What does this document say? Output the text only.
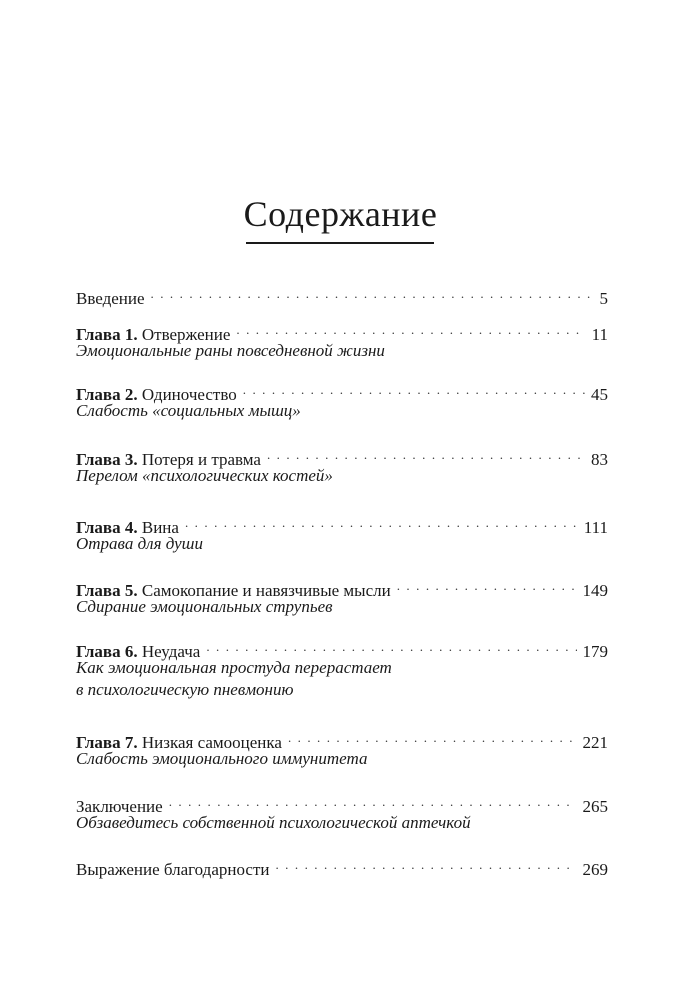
Содержание
Введение . . .	5
Глава 1. Отвержение . . .	11
Эмоциональные раны повседневной жизни
Глава 2. Одиночество . . .	45
Слабость «социальных мышц»
Глава 3. Потеря и травма . . .	83
Перелом «психологических костей»
Глава 4. Вина . . .	111
Отрава для души
Глава 5. Самокопание и навязчивые мысли . . .	149
Сдирание эмоциональных струпьев
Глава 6. Неудача . . .	179
Как эмоциональная простуда перерастает
в психологическую пневмонию
Глава 7. Низкая самооценка . . .	221
Слабость эмоционального иммунитета
Заключение . . .	265
Обзаведитесь собственной психологической аптечкой
Выражение благодарности . . .	269
